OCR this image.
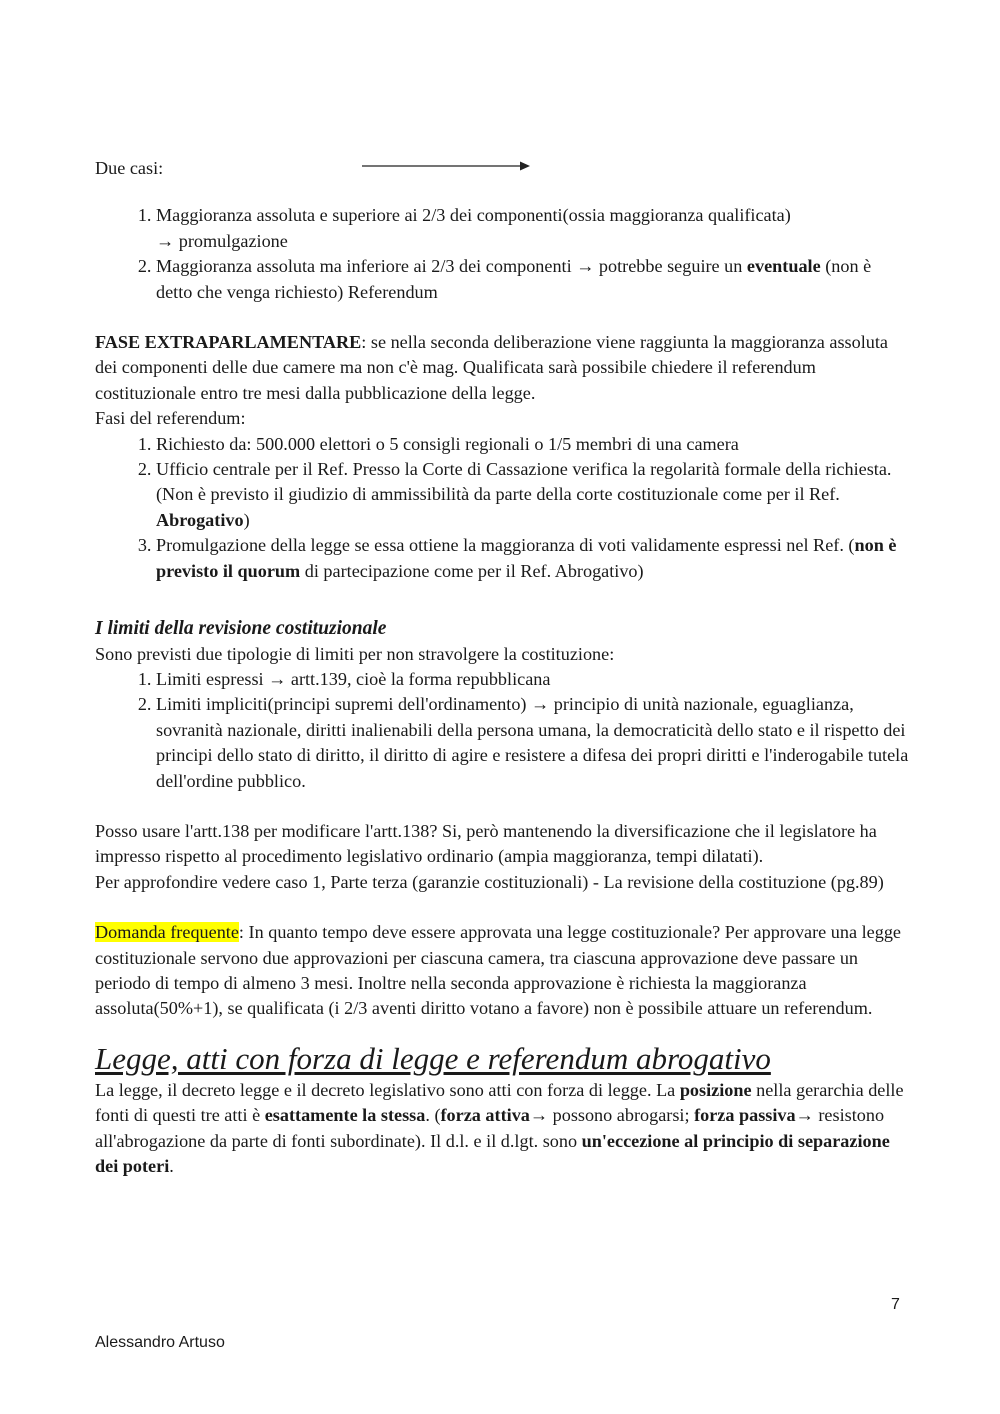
Due casi:

1. Maggioranza assoluta e superiore ai 2/3 dei componenti(ossia maggioranza qualificata)
→ promulgazione
2. Maggioranza assoluta ma inferiore ai 2/3 dei componenti → potrebbe seguire un eventuale (non è detto che venga richiesto) Referendum

FASE EXTRAPARLAMENTARE: se nella seconda deliberazione viene raggiunta la maggioranza assoluta dei componenti delle due camere ma non c'è mag. Qualificata sarà possibile chiedere il referendum costituzionale entro tre mesi dalla pubblicazione della legge.

Fasi del referendum:

1. Richiesto da: 500.000 elettori o 5 consigli regionali o 1/5 membri di una camera
2. Ufficio centrale per il Ref. Presso la Corte di Cassazione verifica la regolarità formale della richiesta. (Non è previsto il giudizio di ammissibilità da parte della corte costituzionale come per il Ref. Abrogativo)
3. Promulgazione della legge se essa ottiene la maggioranza di voti validamente espressi nel Ref. (non è previsto il quorum di partecipazione come per il Ref. Abrogativo)

I limiti della revisione costituzionale

Sono previsti due tipologie di limiti per non stravolgere la costituzione:

1. Limiti espressi → artt.139, cioè la forma repubblicana
2. Limiti impliciti(principi supremi dell'ordinamento) → principio di unità nazionale, eguaglianza, sovranità nazionale, diritti inalienabili della persona umana, la democraticità dello stato e il rispetto dei principi dello stato di diritto, il diritto di agire e resistere a difesa dei propri diritti e l'inderogabile tutela dell'ordine pubblico.

Posso usare l'artt.138 per modificare l'artt.138? Si, però mantenendo la diversificazione che il legislatore ha impresso rispetto al procedimento legislativo ordinario (ampia maggioranza, tempi dilatati).

Per approfondire vedere caso 1, Parte terza (garanzie costituzionali) - La revisione della costituzione (pg.89)

Domanda frequente: In quanto tempo deve essere approvata una legge costituzionale? Per approvare una legge costituzionale servono due approvazioni per ciascuna camera, tra ciascuna approvazione deve passare un periodo di tempo di almeno 3 mesi. Inoltre nella seconda approvazione è richiesta la maggioranza assoluta(50%+1), se qualificata (i 2/3 aventi diritto votano a favore) non è possibile attuare un referendum.

Legge, atti con forza di legge e referendum abrogativo

La legge, il decreto legge e il decreto legislativo sono atti con forza di legge. La posizione nella gerarchia delle fonti di questi tre atti è esattamente la stessa. (forza attiva→ possono abrogarsi; forza passiva→ resistono all'abrogazione da parte di fonti subordinate). Il d.l. e il d.lgt. sono un'eccezione al principio di separazione dei poteri.

7
Alessandro Artuso
